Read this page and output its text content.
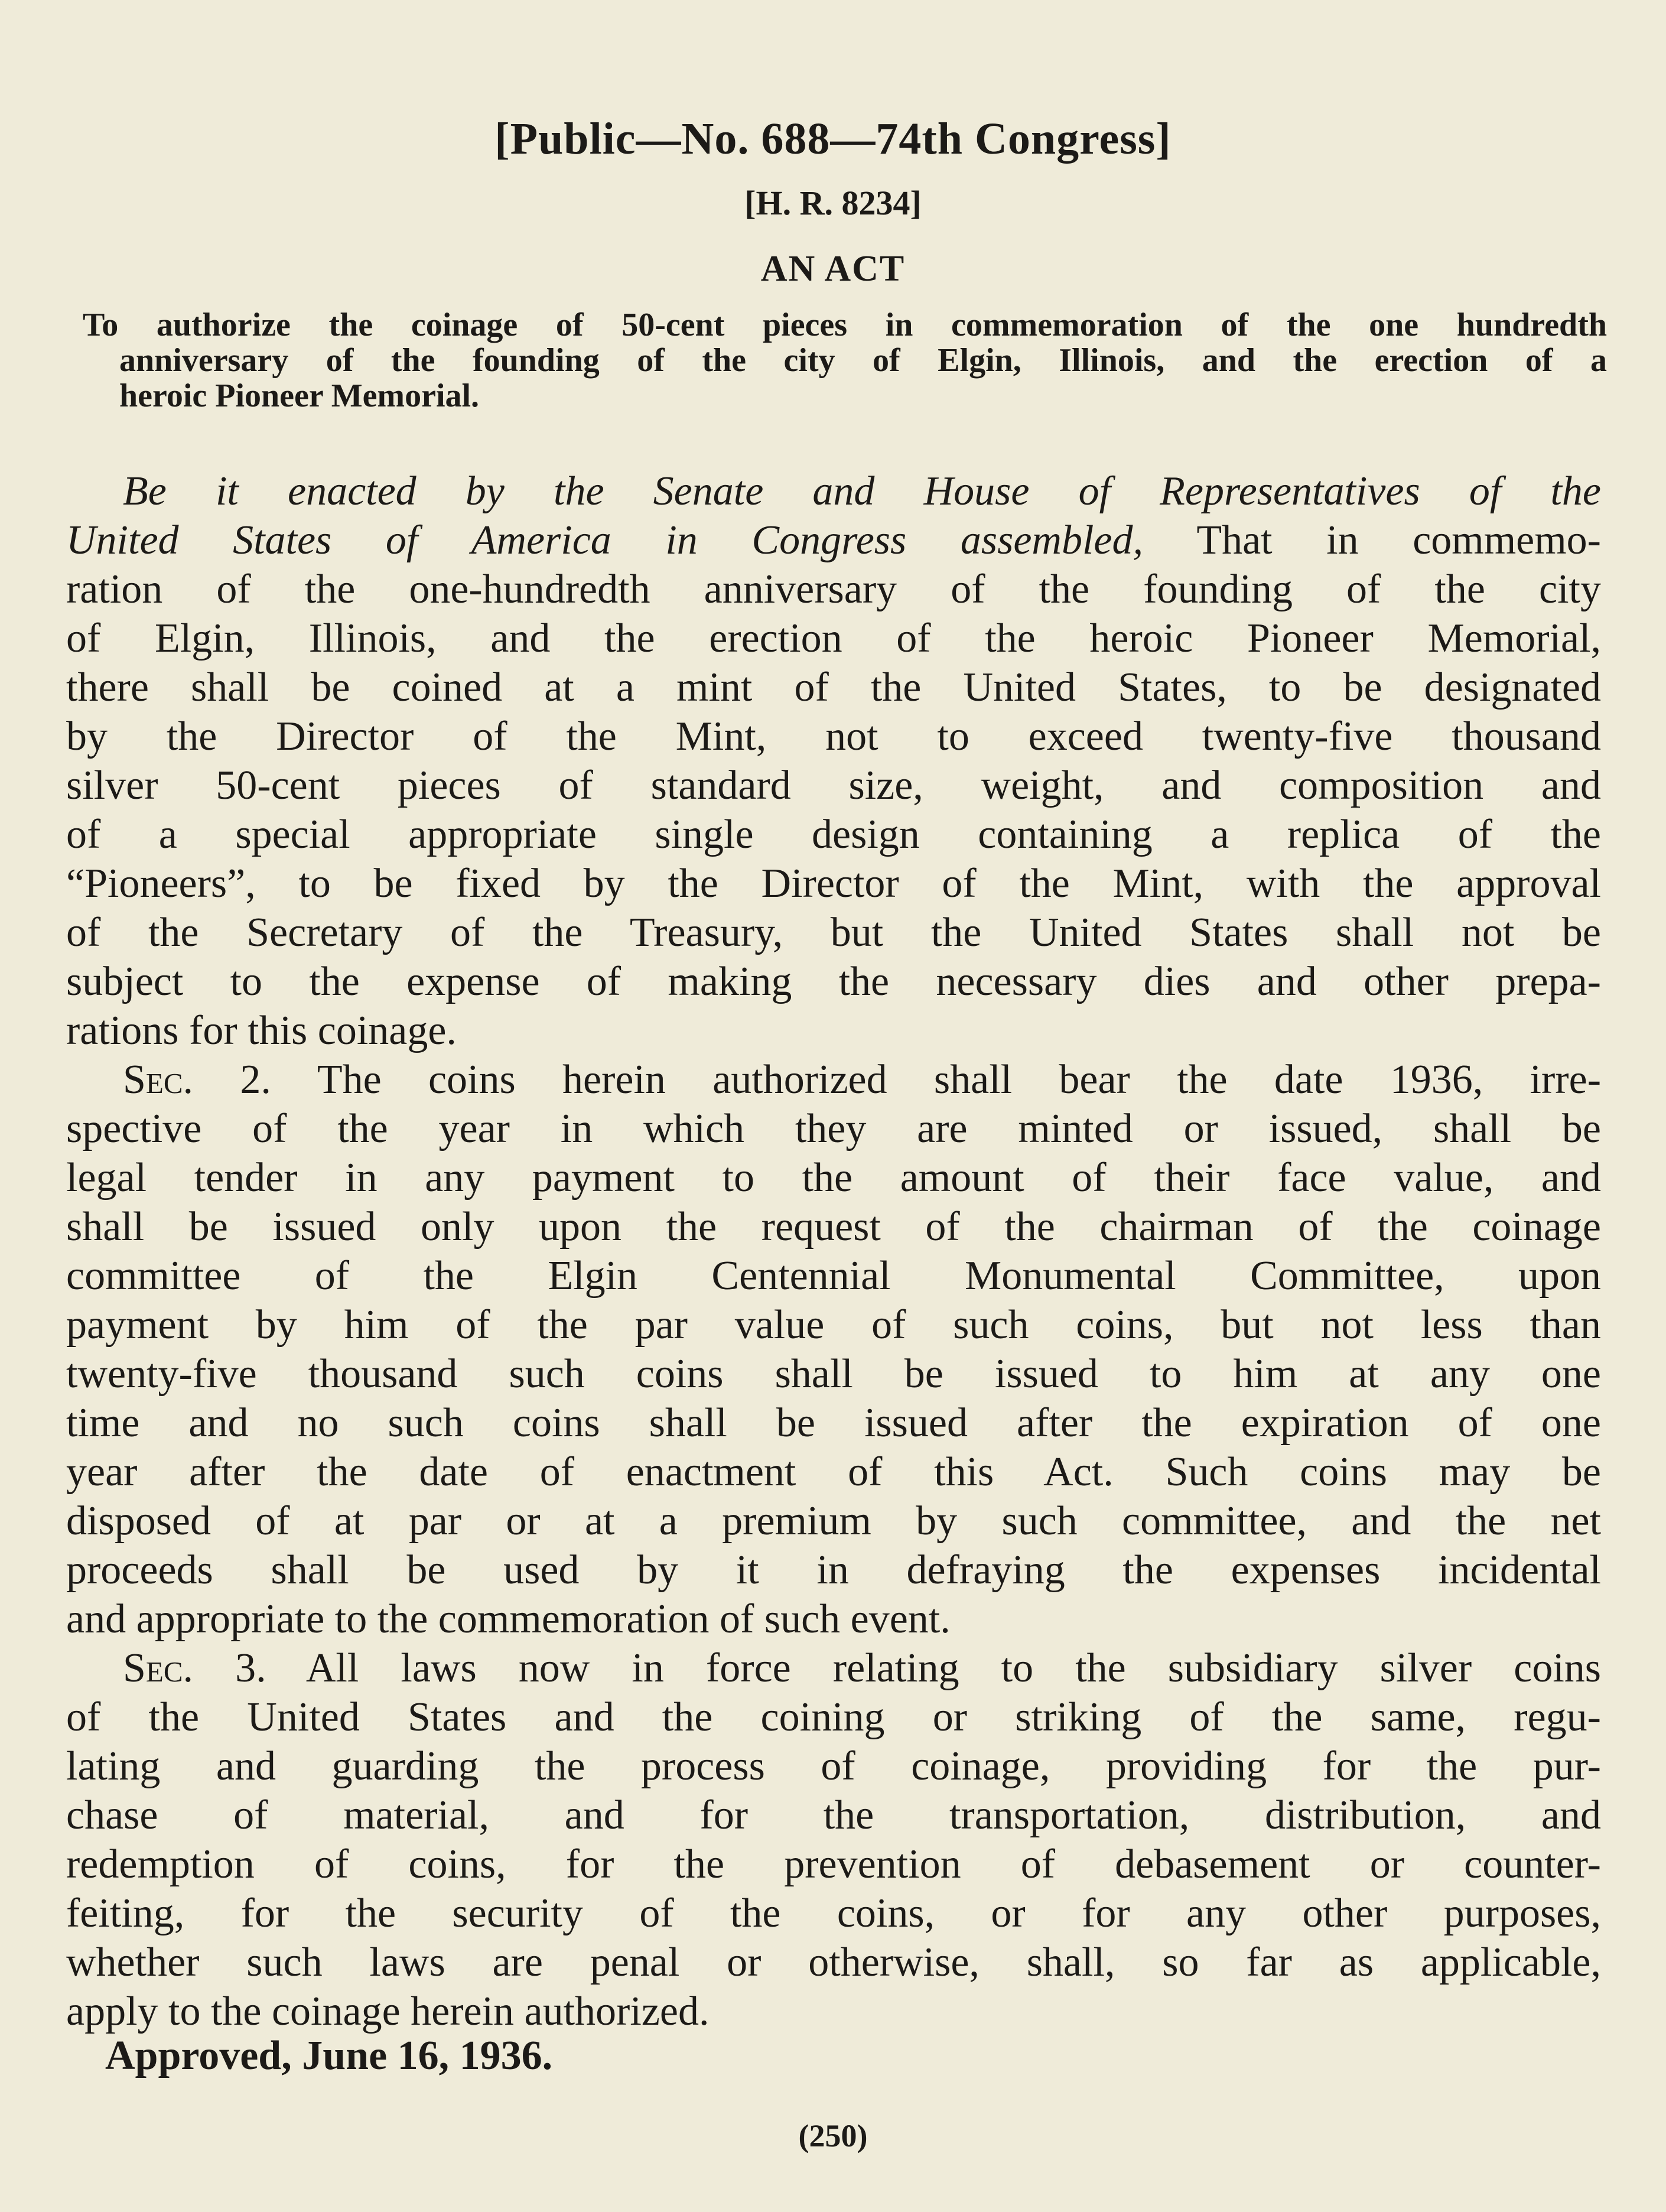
[Public—No. 688—74th Congress]
[H. R. 8234]
AN ACT
To authorize the coinage of 50-cent pieces in commemoration of the one hundredth
anniversary of the founding of the city of Elgin, Illinois, and the erection of a
heroic Pioneer Memorial.
Be it enacted by the Senate and House of Representatives of the
United States of America in Congress assembled, That in commemo-
ration of the one-hundredth anniversary of the founding of the city
of Elgin, Illinois, and the erection of the heroic Pioneer Memorial,
there shall be coined at a mint of the United States, to be designated
by the Director of the Mint, not to exceed twenty-five thousand
silver 50-cent pieces of standard size, weight, and composition and
of a special appropriate single design containing a replica of the
“Pioneers”, to be fixed by the Director of the Mint, with the approval
of the Secretary of the Treasury, but the United States shall not be
subject to the expense of making the necessary dies and other prepa-
rations for this coinage.
Sec. 2. The coins herein authorized shall bear the date 1936, irre-
spective of the year in which they are minted or issued, shall be
legal tender in any payment to the amount of their face value, and
shall be issued only upon the request of the chairman of the coinage
committee of the Elgin Centennial Monumental Committee, upon
payment by him of the par value of such coins, but not less than
twenty-five thousand such coins shall be issued to him at any one
time and no such coins shall be issued after the expiration of one
year after the date of enactment of this Act. Such coins may be
disposed of at par or at a premium by such committee, and the net
proceeds shall be used by it in defraying the expenses incidental
and appropriate to the commemoration of such event.
Sec. 3. All laws now in force relating to the subsidiary silver coins
of the United States and the coining or striking of the same, regu-
lating and guarding the process of coinage, providing for the pur-
chase of material, and for the transportation, distribution, and
redemption of coins, for the prevention of debasement or counter-
feiting, for the security of the coins, or for any other purposes,
whether such laws are penal or otherwise, shall, so far as applicable,
apply to the coinage herein authorized.
Approved, June 16, 1936.
(250)
